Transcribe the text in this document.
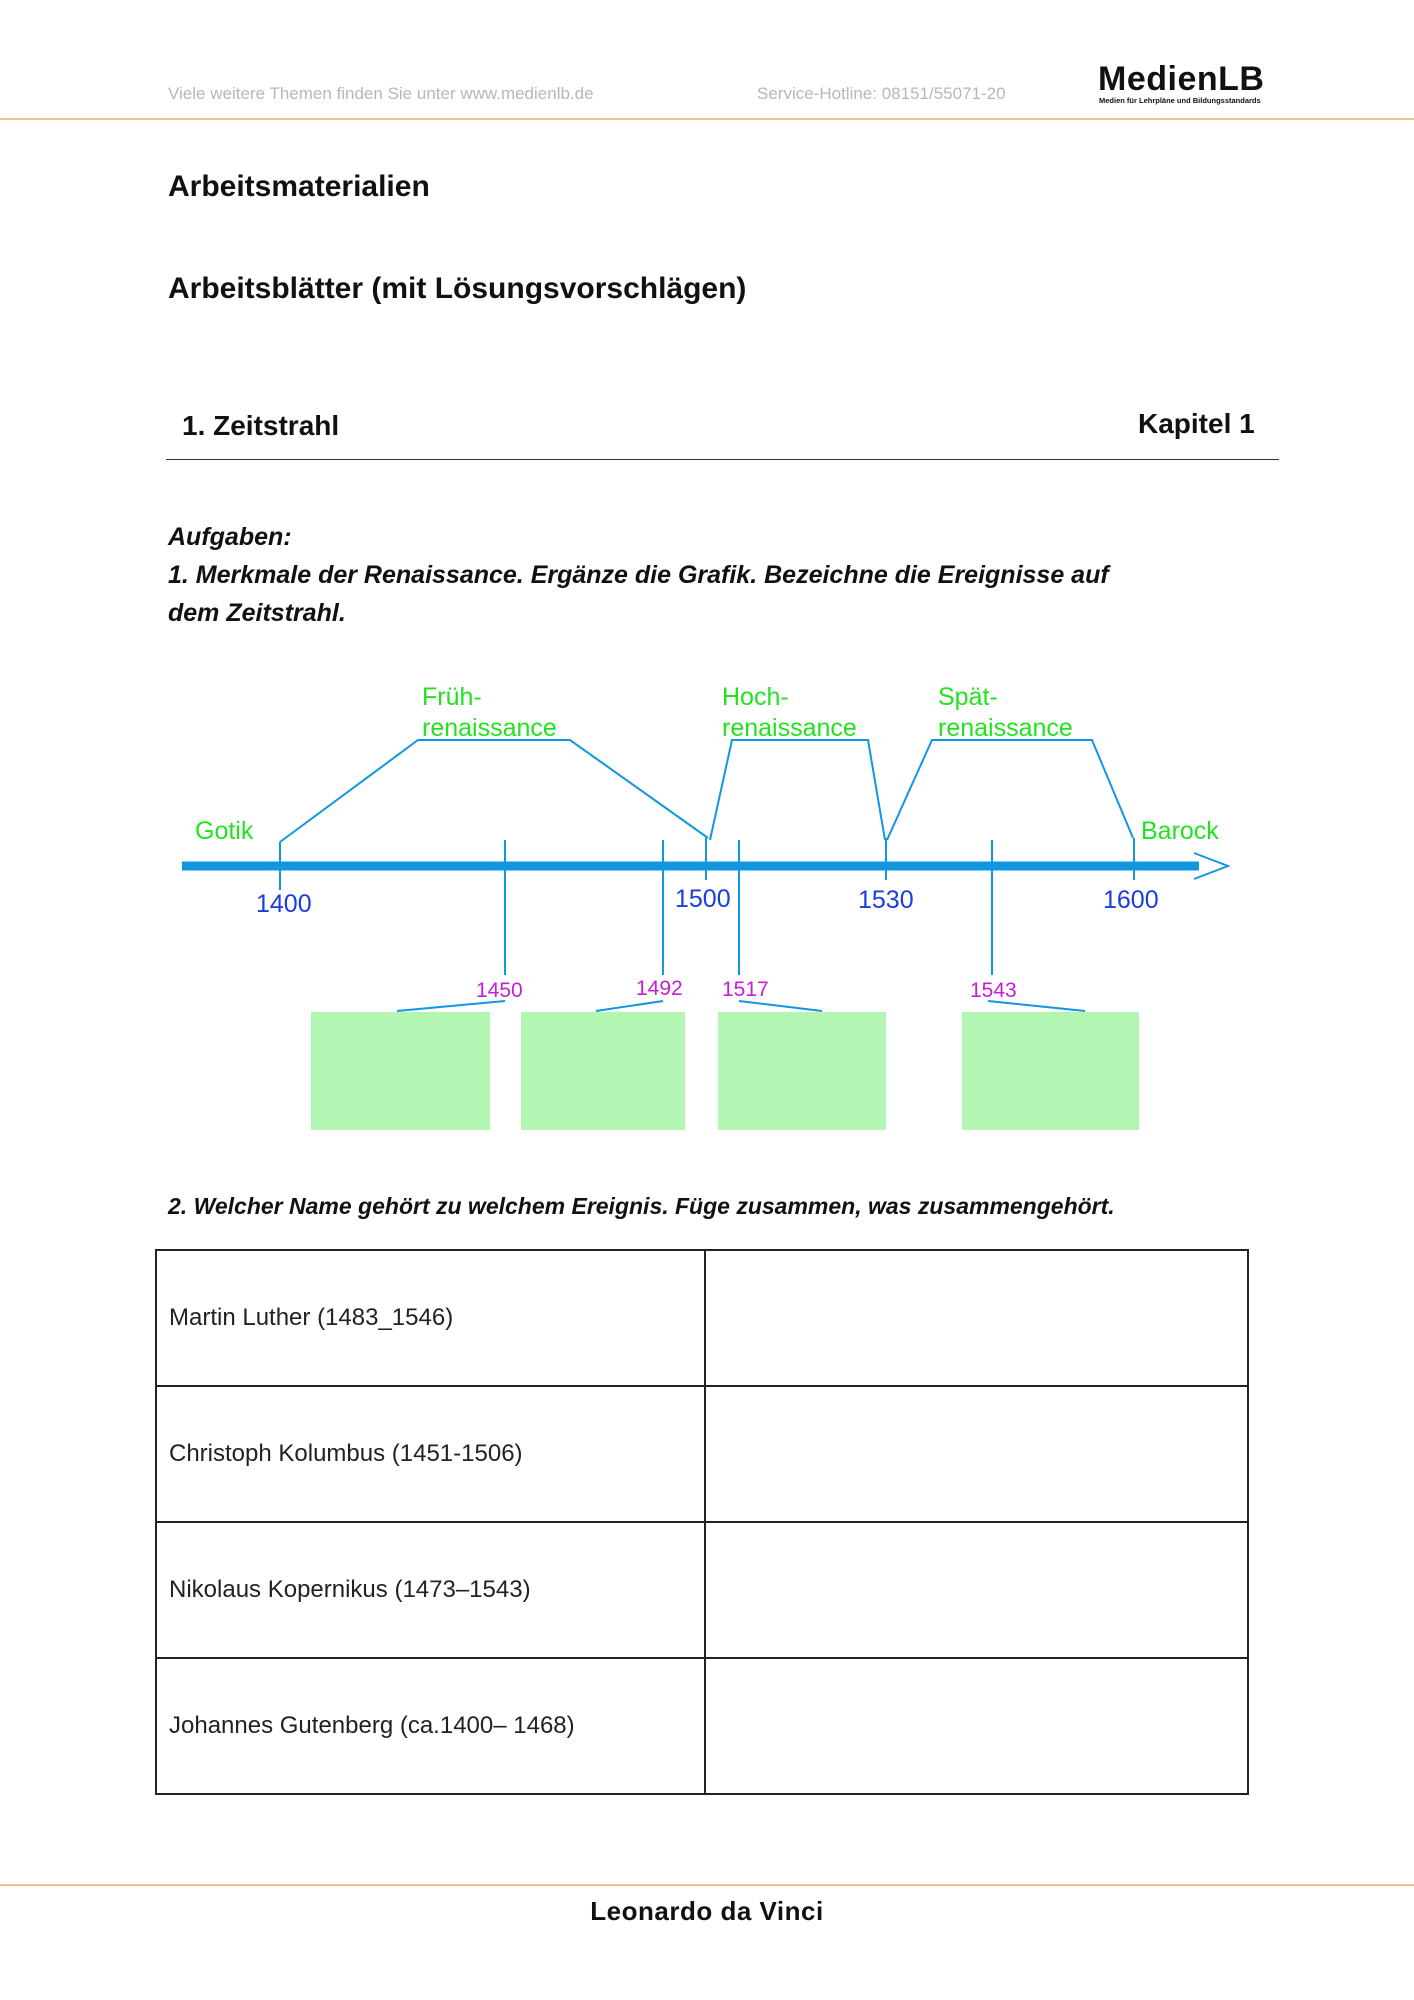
Viele weitere Themen finden Sie unter www.medienlb.de	Service-Hotline: 08151/55071-20	MedienLB
Medien für Lehrpläne und Bildungsstandards
Arbeitsmaterialien
Arbeitsblätter (mit Lösungsvorschlägen)
1. Zeitstrahl	Kapitel 1
Aufgaben:
1. Merkmale der Renaissance. Ergänze die Grafik. Bezeichne die Ereignisse auf
dem Zeitstrahl.
Früh-
renaissance
Hoch-
renaissance
Spät-
renaissance
Gotik	Barock
1400	1500	1530	1600
1450	1492 1517	1543
2. Welcher Name gehört zu welchem Ereignis. Füge zusammen, was zusammengehört.
Martin Luther (1483_1546)	
Christoph Kolumbus (1451-1506)	
Nikolaus Kopernikus (1473–1543)	
Johannes Gutenberg (ca.1400– 1468)	
Leonardo da Vinci
